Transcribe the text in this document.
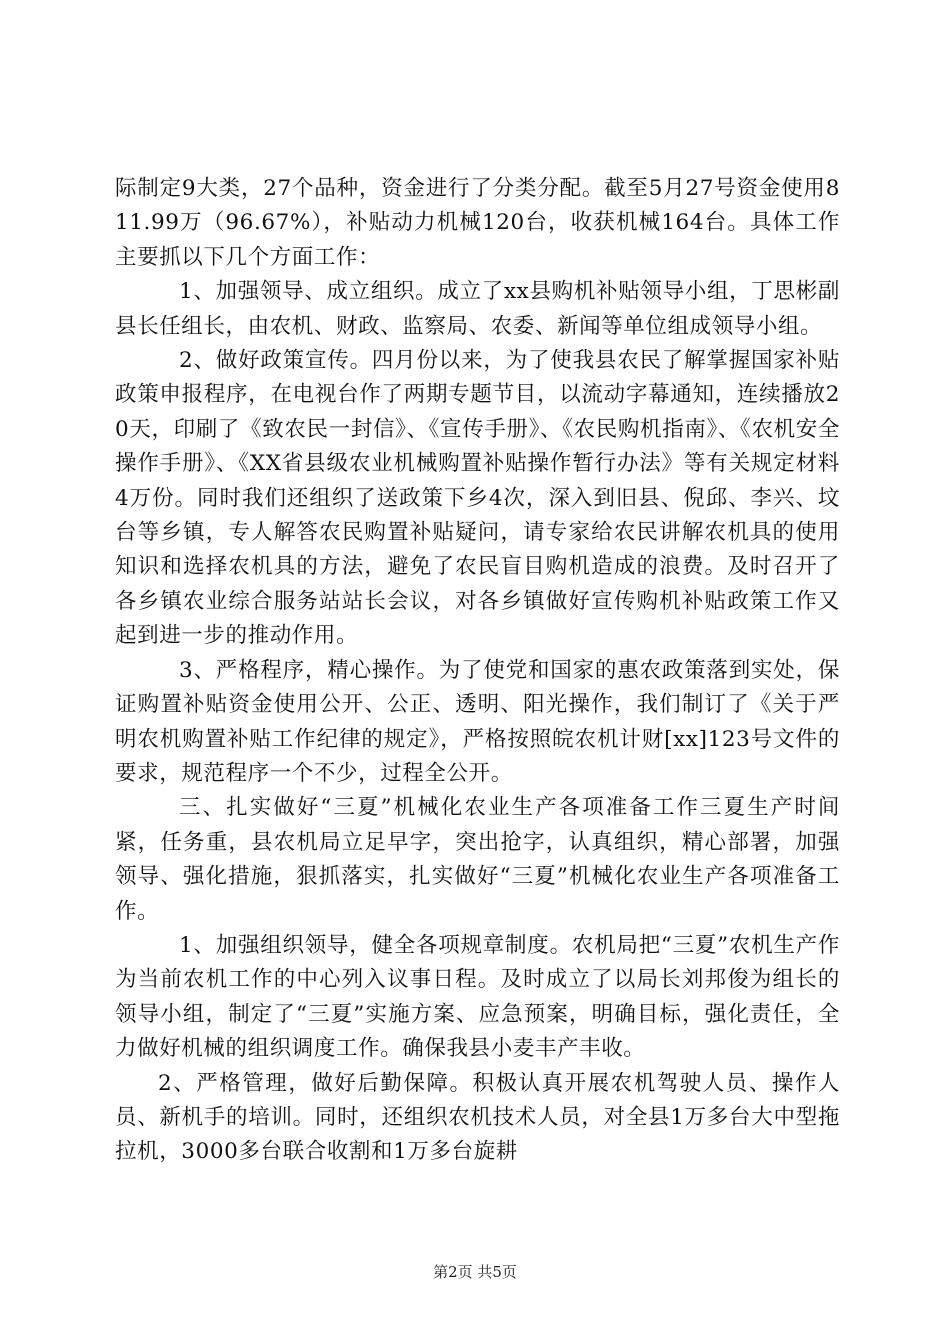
际制定9大类，27个品种，资金进行了分类分配。截至5月27号资金使用811.99万（96.67%），补贴动力机械120台，收获机械164台。具体工作主要抓以下几个方面工作：

1、加强领导、成立组织。成立了xx县购机补贴领导小组，丁思彬副县长任组长，由农机、财政、监察局、农委、新闻等单位组成领导小组。

2、做好政策宣传。四月份以来，为了使我县农民了解掌握国家补贴政策申报程序，在电视台作了两期专题节目，以流动字幕通知，连续播放20天，印刷了《致农民一封信》、《宣传手册》、《农民购机指南》、《农机安全操作手册》、《XX省县级农业机械购置补贴操作暂行办法》等有关规定材料4万份。同时我们还组织了送政策下乡4次，深入到旧县、倪邱、李兴、坟台等乡镇，专人解答农民购置补贴疑问，请专家给农民讲解农机具的使用知识和选择农机具的方法，避免了农民盲目购机造成的浪费。及时召开了各乡镇农业综合服务站站长会议，对各乡镇做好宣传购机补贴政策工作又起到进一步的推动作用。

3、严格程序，精心操作。为了使党和国家的惠农政策落到实处，保证购置补贴资金使用公开、公正、透明、阳光操作，我们制订了《关于严明农机购置补贴工作纪律的规定》，严格按照皖农机计财[xx]123号文件的要求，规范程序一个不少，过程全公开。

三、扎实做好“三夏”机械化农业生产各项准备工作三夏生产时间紧，任务重，县农机局立足早字，突出抢字，认真组织，精心部署，加强领导、强化措施，狠抓落实，扎实做好“三夏”机械化农业生产各项准备工作。

1、加强组织领导，健全各项规章制度。农机局把“三夏”农机生产作为当前农机工作的中心列入议事日程。及时成立了以局长刘邦俊为组长的领导小组，制定了“三夏”实施方案、应急预案，明确目标，强化责任，全力做好机械的组织调度工作。确保我县小麦丰产丰收。

2、严格管理，做好后勤保障。积极认真开展农机驾驶人员、操作人员、新机手的培训。同时，还组织农机技术人员，对全县1万多台大中型拖拉机，3000多台联合收割和1万多台旋耕

第2页 共5页
